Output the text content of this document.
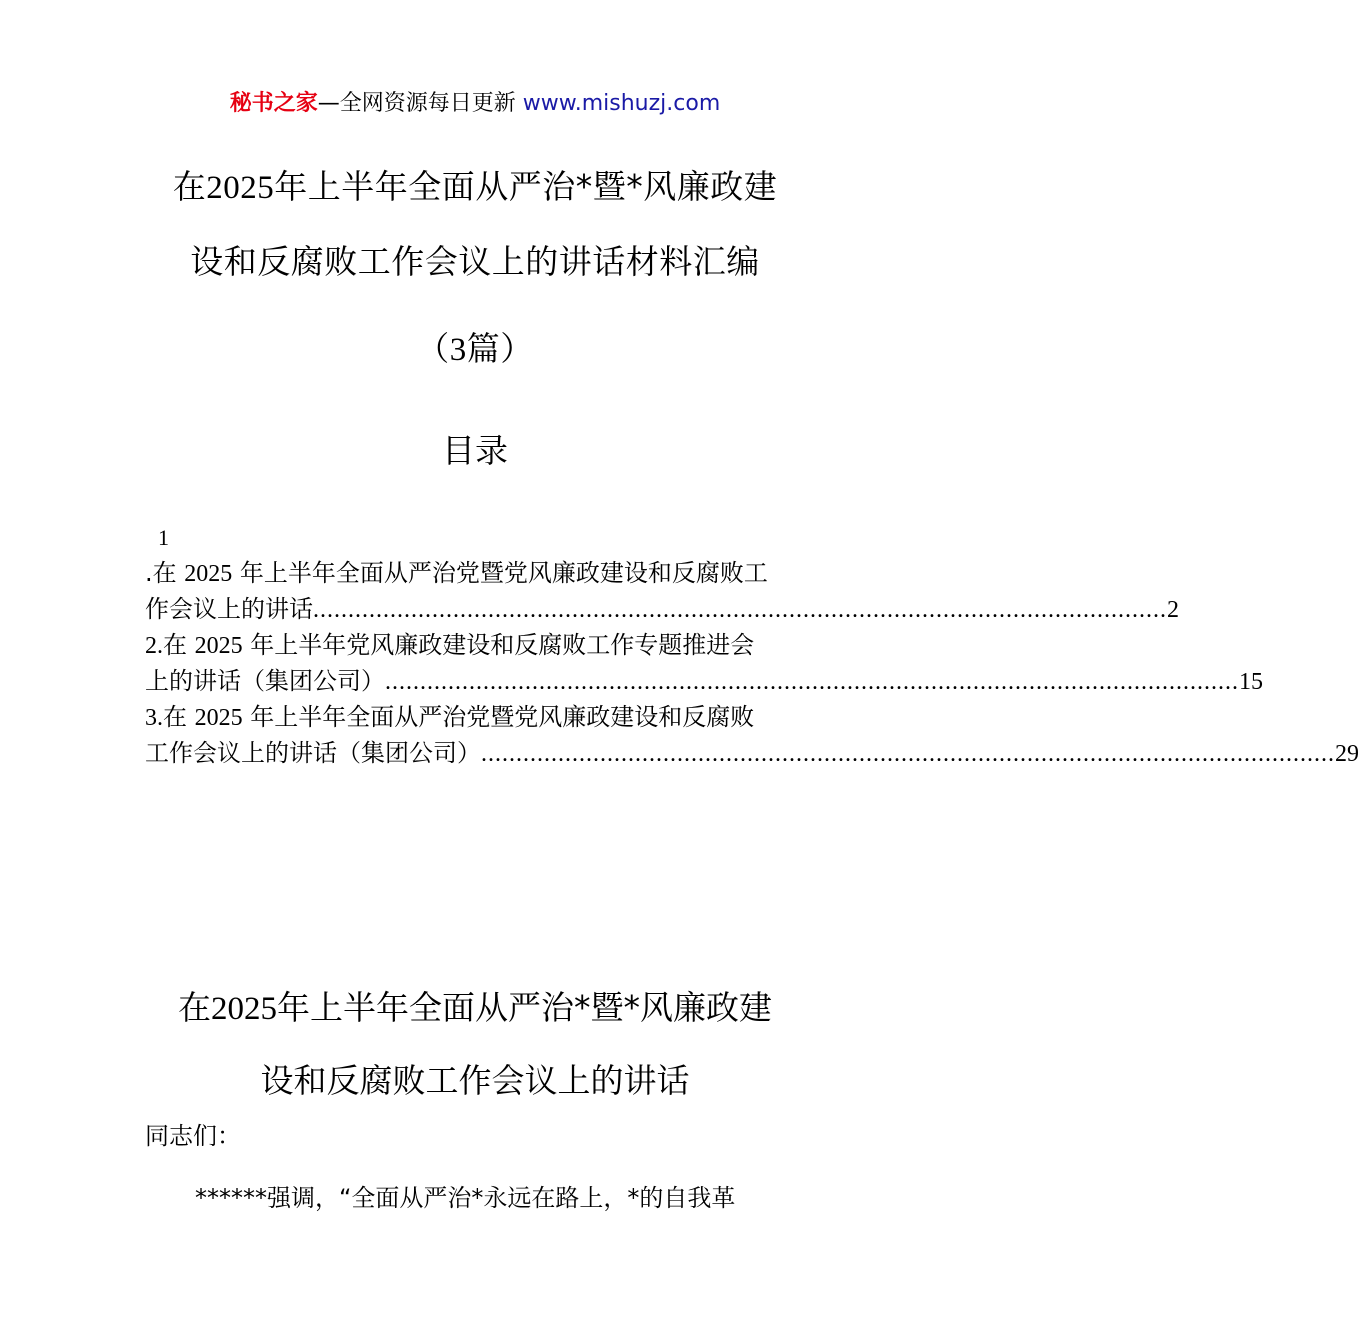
秘书之家—全网资源每日更新 www.mishuzj.com
在2025年上半年全面从严治*暨*风廉政建
设和反腐败工作会议上的讲话材料汇编
（3篇）
目录
1
.在 2025 年上半年全面从严治党暨党风廉政建设和反腐败工
作会议上的讲话 .......................................................................................................................... 2
2.在 2025 年上半年党风廉政建设和反腐败工作专题推进会
上的讲话（集团公司） .......................................................................................................................... 15
3.在 2025 年上半年全面从严治党暨党风廉政建设和反腐败
工作会议上的讲话（集团公司） .......................................................................................................................... 29
在2025年上半年全面从严治*暨*风廉政建
设和反腐败工作会议上的讲话
同志们：
******强调，“全面从严治*永远在路上，*的自我革
